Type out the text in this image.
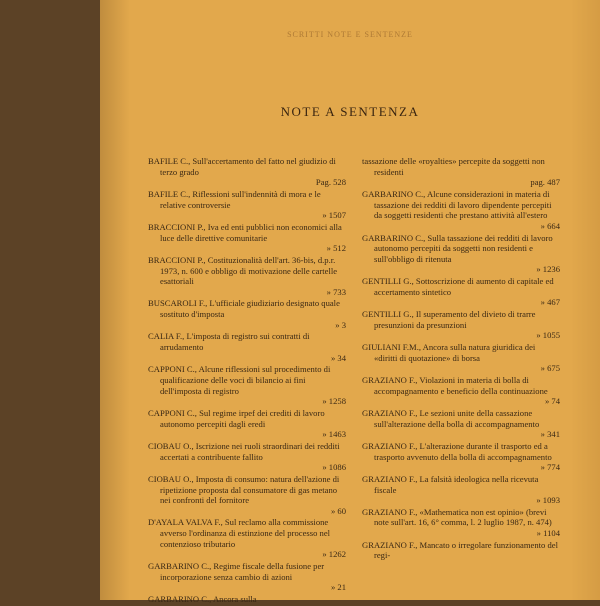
SCRITTI NOTE E SENTENZE
NOTE A SENTENZA
BAFILE C., Sull'accertamento del fatto nel giudizio di terzo grado
Pag. 528
BAFILE C., Riflessioni sull'indennità di mora e le relative controversie
» 1507
BRACCIONI P., Iva ed enti pubblici non economici alla luce delle direttive comunitarie
» 512
BRACCIONI P., Costituzionalità dell'art. 36-bis, d.p.r. 1973, n. 600 e obbligo di motivazione delle cartelle esattoriali
» 733
BUSCAROLI F., L'ufficiale giudiziario designato quale sostituto d'imposta
» 3
CALIA F., L'imposta di registro sui contratti di arrudamento
» 34
CAPPONI C., Alcune riflessioni sul procedimento di qualificazione delle voci di bilancio ai fini dell'imposta di registro
» 1258
CAPPONI C., Sul regime irpef dei crediti di lavoro autonomo percepiti dagli eredi
» 1463
CIOBAU O., Iscrizione nei ruoli straordinari dei redditi accertati a contribuente fallito
» 1086
CIOBAU O., Imposta di consumo: natura dell'azione di ripetizione proposta dal consumatore di gas metano nei confronti del fornitore
» 60
D'AYALA VALVA F., Sul reclamo alla commissione avverso l'ordinanza di estinzione del processo nel contenzioso tributario
» 1262
GARBARINO C., Regime fiscale della fusione per incorporazione senza cambio di azioni
» 21
GARBARINO C., Ancora sulla
tassazione delle «royalties» percepite da soggetti non residenti
pag. 487
GARBARINO C., Alcune considerazioni in materia di tassazione dei redditi di lavoro dipendente percepiti da soggetti residenti che prestano attività all'estero
» 664
GARBARINO C., Sulla tassazione dei redditi di lavoro autonomo percepiti da soggetti non residenti e sull'obbligo di ritenuta
» 1236
GENTILLI G., Sottoscrizione di aumento di capitale ed accertamento sintetico
» 467
GENTILLI G., Il superamento del divieto di trarre presunzioni da presunzioni
» 1055
GIULIANI F.M., Ancora sulla natura giuridica dei «diritti di quotazione» di borsa
» 675
GRAZIANO F., Violazioni in materia di bolla di accompagnamento e beneficio della continuazione
» 74
GRAZIANO F., Le sezioni unite della cassazione sull'alterazione della bolla di accompagnamento
» 341
GRAZIANO F., L'alterazione durante il trasporto ed a trasporto avvenuto della bolla di accompagnamento
» 774
GRAZIANO F., La falsità ideologica nella ricevuta fiscale
» 1093
GRAZIANO F., «Mathematica non est opinio» (brevi note sull'art. 16, 6° comma, l. 2 luglio 1987, n. 474)
» 1104
GRAZIANO F., Mancato o irregolare funzionamento del regi-
